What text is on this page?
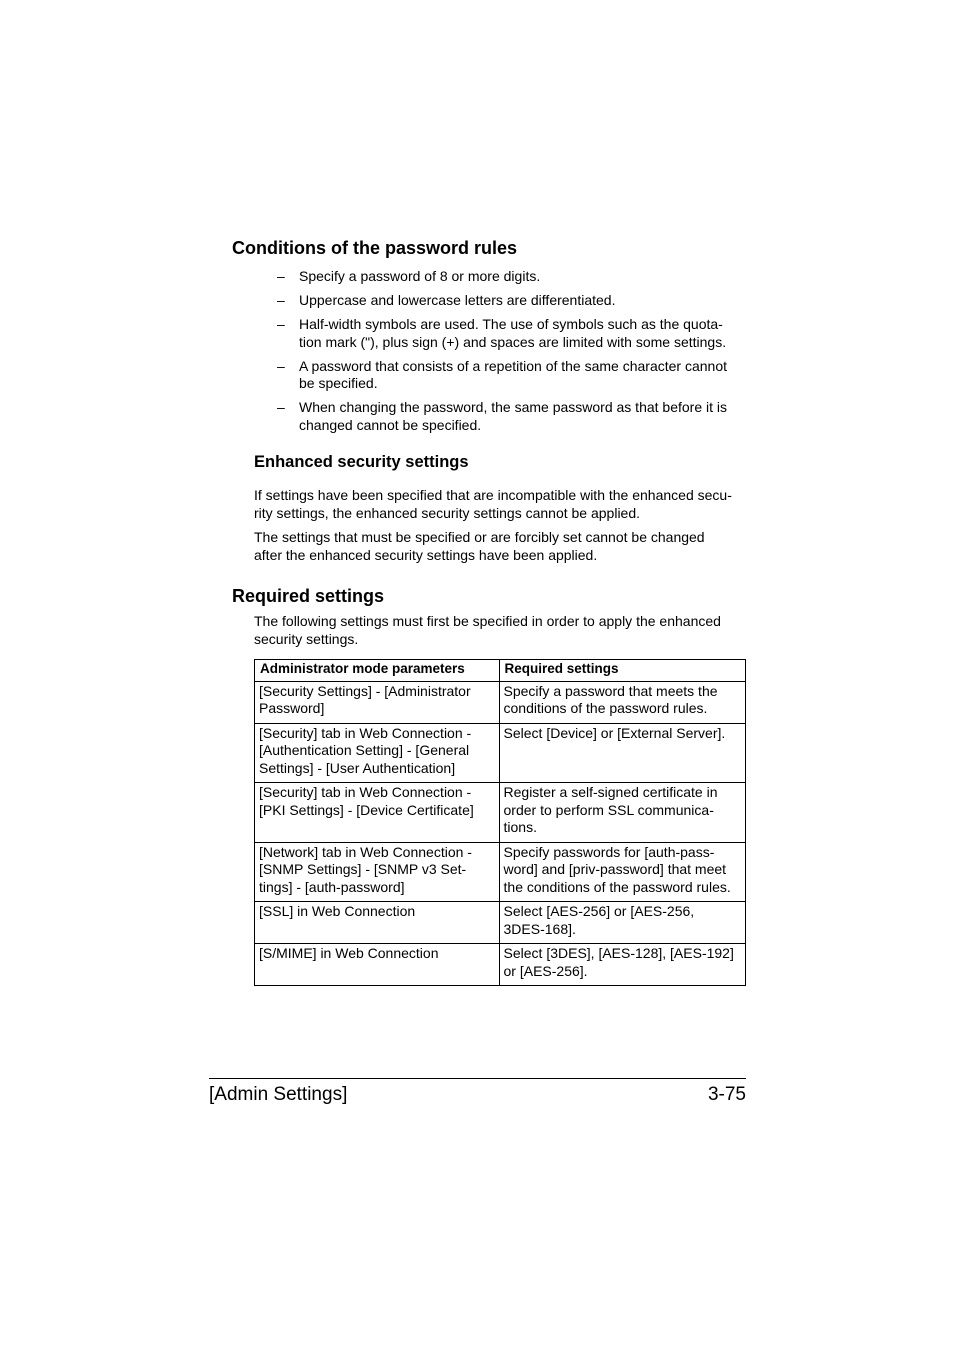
Conditions of the password rules
– Specify a password of 8 or more digits.
– Uppercase and lowercase letters are differentiated.
– Half-width symbols are used. The use of symbols such as the quota-
tion mark ("), plus sign (+) and spaces are limited with some settings.
– A password that consists of a repetition of the same character cannot
be specified.
– When changing the password, the same password as that before it is
changed cannot be specified.
Enhanced security settings

If settings have been specified that are incompatible with the enhanced secu-
rity settings, the enhanced security settings cannot be applied.

The settings that must be specified or are forcibly set cannot be changed
after the enhanced security settings have been applied.

Required settings

The following settings must first be specified in order to apply the enhanced
security settings.

Administrator mode parameters	Required settings
[Security Settings] - [Administrator
Password]	Specify a password that meets the
conditions of the password rules.
[Security] tab in Web Connection -
[Authentication Setting] - [General
Settings] - [User Authentication]	Select [Device] or [External Server].
[Security] tab in Web Connection -
[PKI Settings] - [Device Certificate]	Register a self-signed certificate in
order to perform SSL communica-
tions.
[Network] tab in Web Connection -
[SNMP Settings] - [SNMP v3 Set-
tings] - [auth-password]	Specify passwords for [auth-pass-
word] and [priv-password] that meet
the conditions of the password rules.
[SSL] in Web Connection	Select [AES-256] or [AES-256,
3DES-168].
[S/MIME] in Web Connection	Select [3DES], [AES-128], [AES-192]
or [AES-256].
[Admin Settings]	3-75
